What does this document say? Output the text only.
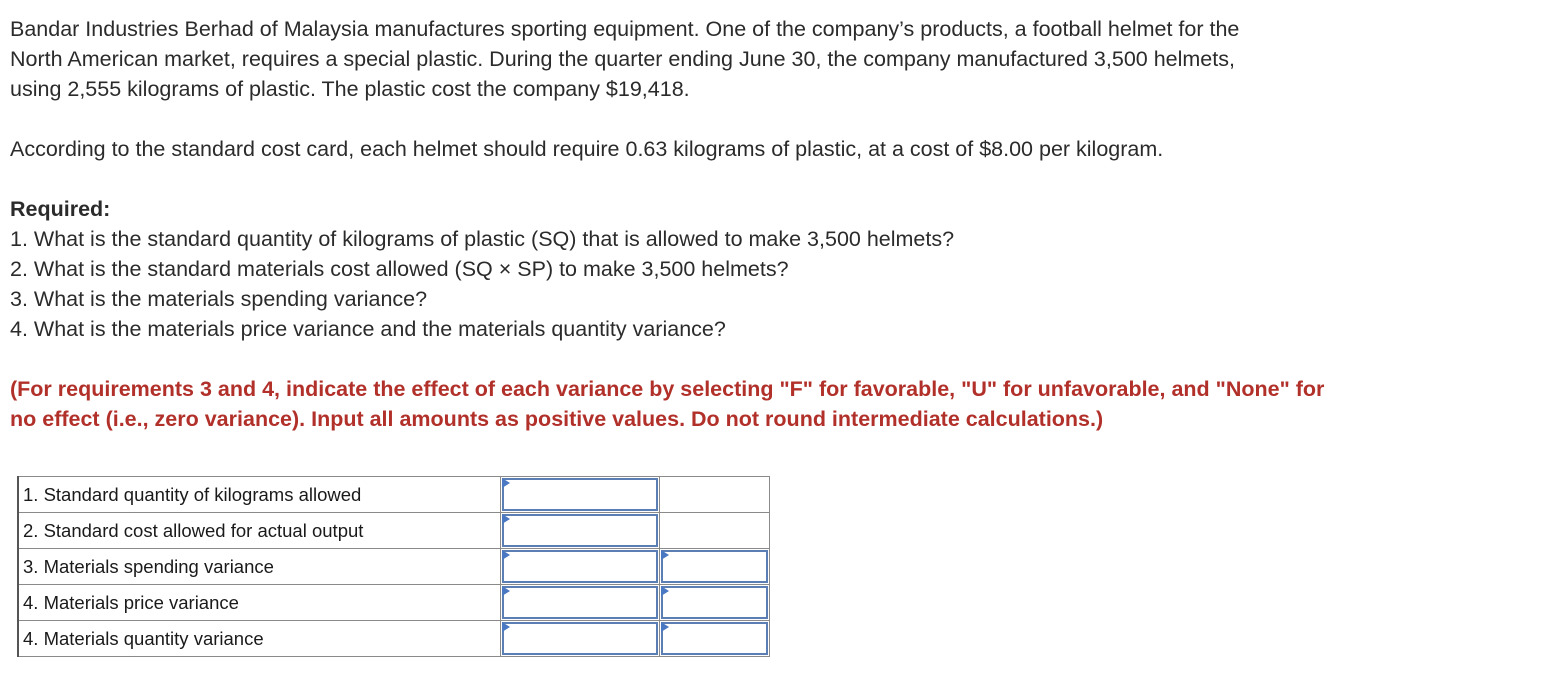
Bandar Industries Berhad of Malaysia manufactures sporting equipment. One of the company’s products, a football helmet for the

North American market, requires a special plastic. During the quarter ending June 30, the company manufactured 3,500 helmets,

using 2,555 kilograms of plastic. The plastic cost the company $19,418.

According to the standard cost card, each helmet should require 0.63 kilograms of plastic, at a cost of $8.00 per kilogram.

Required:

1. What is the standard quantity of kilograms of plastic (SQ) that is allowed to make 3,500 helmets?

2. What is the standard materials cost allowed (SQ × SP) to make 3,500 helmets?

3. What is the materials spending variance?

4. What is the materials price variance and the materials quantity variance?

(For requirements 3 and 4, indicate the effect of each variance by selecting "F" for favorable, "U" for unfavorable, and "None" for

no effect (i.e., zero variance). Input all amounts as positive values. Do not round intermediate calculations.)

1. Standard quantity of kilograms allowed	

2. Standard cost allowed for actual output	

3. Materials spending variance	

4. Materials price variance	

4. Materials quantity variance	
